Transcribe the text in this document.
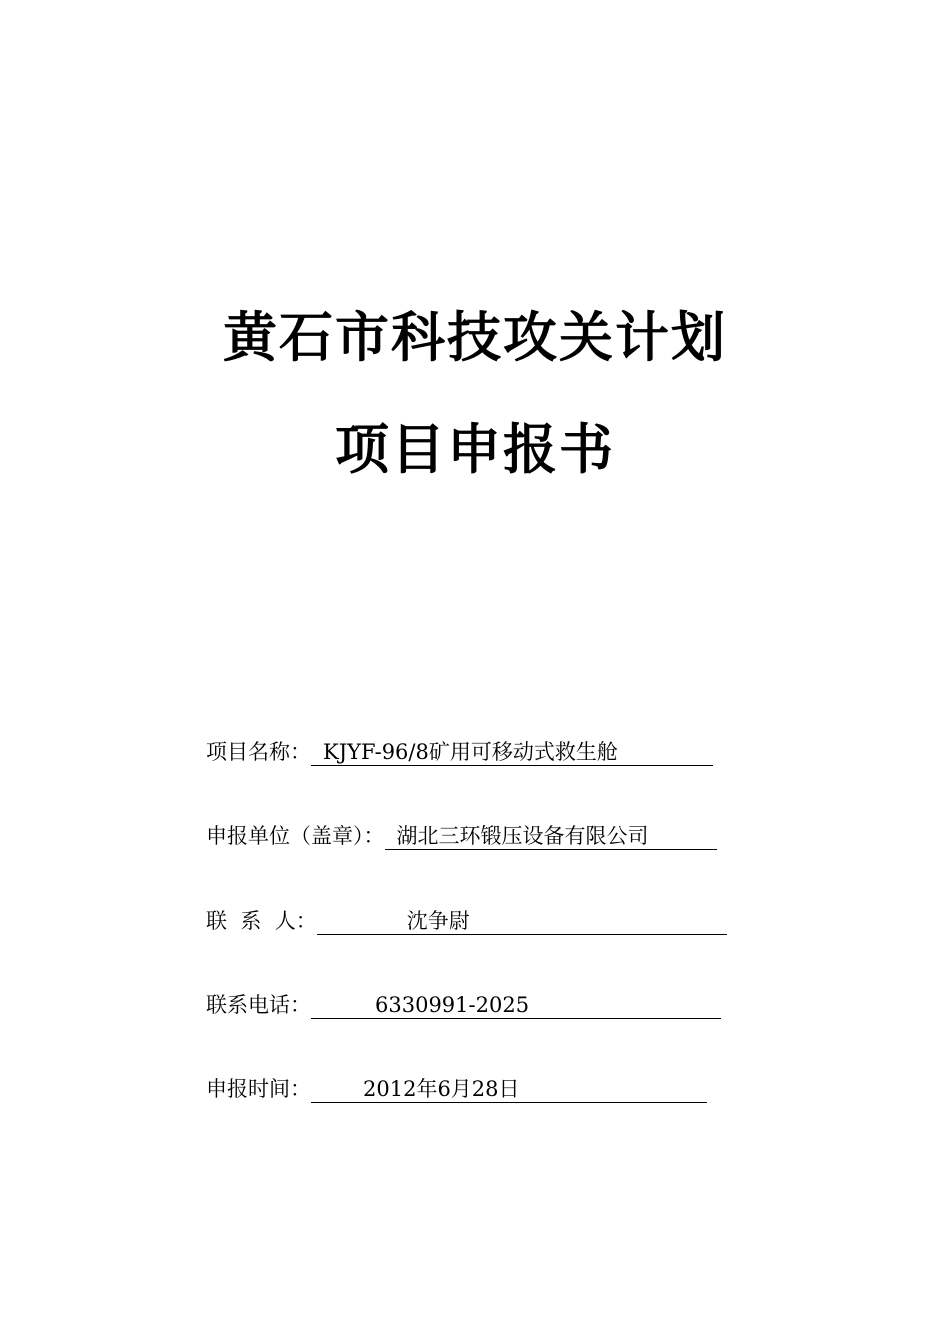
黄石市科技攻关计划
项目申报书
项目名称： KJYF-96/8矿用可移动式救生舱
申报单位（盖章）： 湖北三环锻压设备有限公司
联  系  人：	沈争尉
联系电话：	6330991-2025
申报时间：	2012年6月28日
